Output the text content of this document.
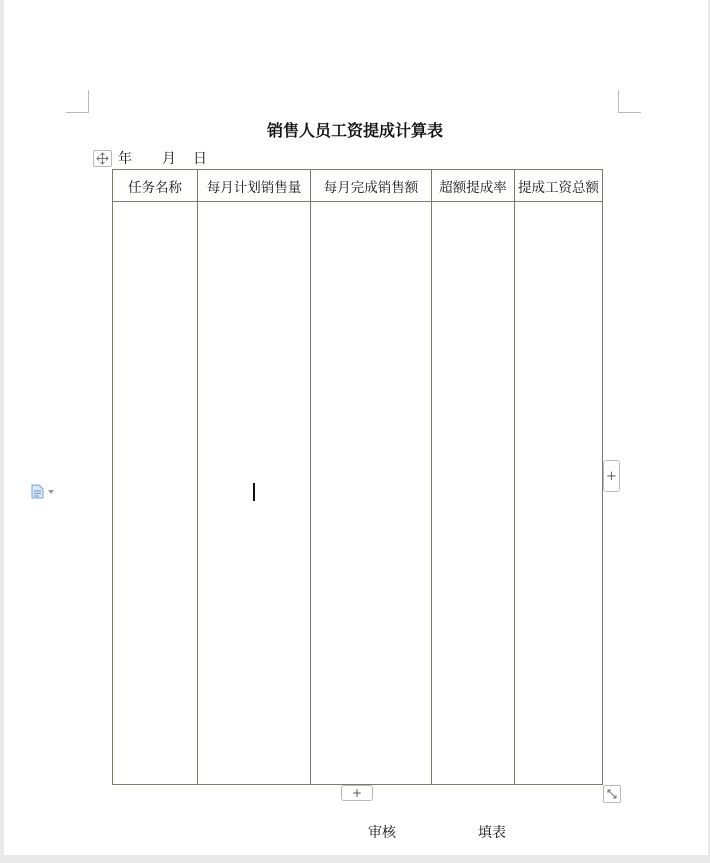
销售人员工资提成计算表
年 月 日
任务名称	每月计划销售量	每月完成销售额	超额提成率	提成工资总额

+
+
审核	填表
